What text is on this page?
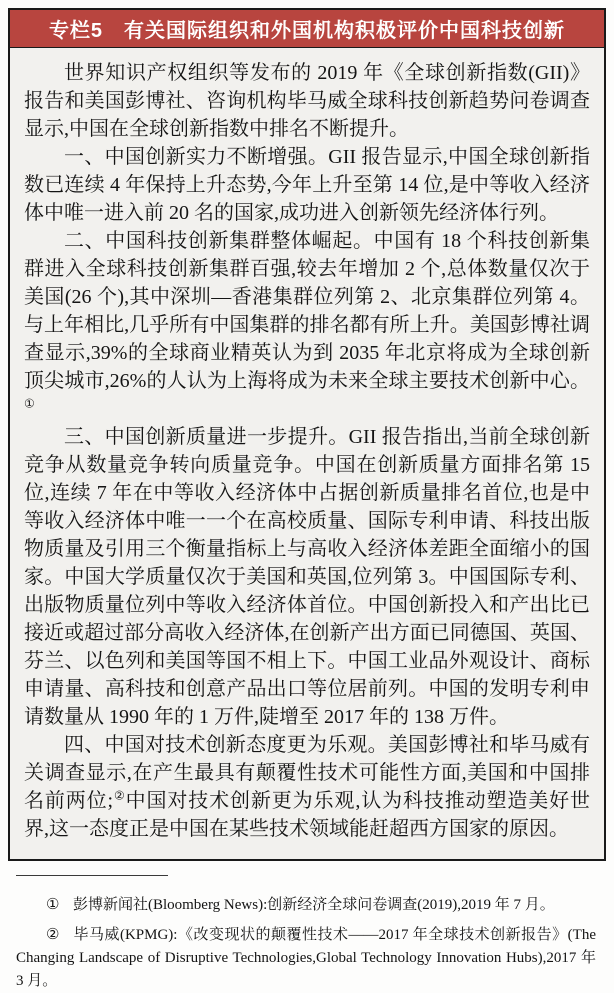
专栏5　有关国际组织和外国机构积极评价中国科技创新

世界知识产权组织等发布的 2019 年《全球创新指数(GII)》报告和美国彭博社、咨询机构毕马威全球科技创新趋势问卷调查显示,中国在全球创新指数中排名不断提升。

一、中国创新实力不断增强。GII 报告显示,中国全球创新指数已连续 4 年保持上升态势,今年上升至第 14 位,是中等收入经济体中唯一进入前 20 名的国家,成功进入创新领先经济体行列。

二、中国科技创新集群整体崛起。中国有 18 个科技创新集群进入全球科技创新集群百强,较去年增加 2 个,总体数量仅次于美国(26 个),其中深圳—香港集群位列第 2、北京集群位列第 4。与上年相比,几乎所有中国集群的排名都有所上升。美国彭博社调查显示,39%的全球商业精英认为到 2035 年北京将成为全球创新顶尖城市,26%的人认为上海将成为未来全球主要技术创新中心。①

三、中国创新质量进一步提升。GII 报告指出,当前全球创新竞争从数量竞争转向质量竞争。中国在创新质量方面排名第 15 位,连续 7 年在中等收入经济体中占据创新质量排名首位,也是中等收入经济体中唯一一个在高校质量、国际专利申请、科技出版物质量及引用三个衡量指标上与高收入经济体差距全面缩小的国家。中国大学质量仅次于美国和英国,位列第 3。中国国际专利、出版物质量位列中等收入经济体首位。中国创新投入和产出比已接近或超过部分高收入经济体,在创新产出方面已同德国、英国、芬兰、以色列和美国等国不相上下。中国工业品外观设计、商标申请量、高科技和创意产品出口等位居前列。中国的发明专利申请数量从 1990 年的 1 万件,陡增至 2017 年的 138 万件。

四、中国对技术创新态度更为乐观。美国彭博社和毕马威有关调查显示,在产生最具有颠覆性技术可能性方面,美国和中国排名前两位;②中国对技术创新更为乐观,认为科技推动塑造美好世界,这一态度正是中国在某些技术领域能赶超西方国家的原因。

① 彭博新闻社(Bloomberg News):创新经济全球问卷调查(2019),2019 年 7 月。

② 毕马威(KPMG):《改变现状的颠覆性技术——2017 年全球技术创新报告》(The Changing Landscape of Disruptive Technologies,Global Technology Innovation Hubs),2017 年 3 月。
